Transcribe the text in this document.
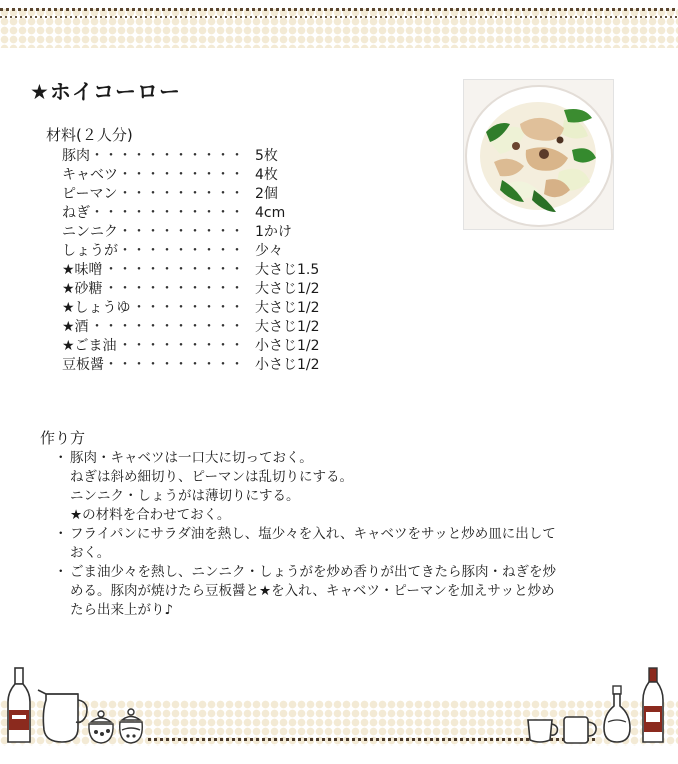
★ホイコーロー
材料(２人分)
豚肉 ・・・・・・・・・・・ 5枚
キャベツ ・・・・・・・・・ 4枚
ピーマン ・・・・・・・・・ 2個
ねぎ ・・・・・・・・・・・ 4cm
ニンニク ・・・・・・・・・ 1かけ
しょうが ・・・・・・・・・ 少々
★味噌 ・・・・・・・・・・ 大さじ1.5
★砂糖 ・・・・・・・・・・ 大さじ1/2
★しょうゆ ・・・・・・・・ 大さじ1/2
★酒 ・・・・・・・・・・・ 大さじ1/2
★ごま油 ・・・・・・・・・ 小さじ1/2
豆板醤 ・・・・・・・・・・ 小さじ1/2
作り方
・ 豚肉・キャベツは一口大に切っておく。
ねぎは斜め細切り、ピーマンは乱切りにする。
ニンニク・しょうがは薄切りにする。
★の材料を合わせておく。
・ フライパンにサラダ油を熱し、塩少々を入れ、キャベツをサッと炒め皿に出して
おく。
・ ごま油少々を熱し、ニンニク・しょうがを炒め香りが出てきたら豚肉・ねぎを炒
める。豚肉が焼けたら豆板醤と★を入れ、キャベツ・ピーマンを加えサッと炒め
たら出来上がり♪
